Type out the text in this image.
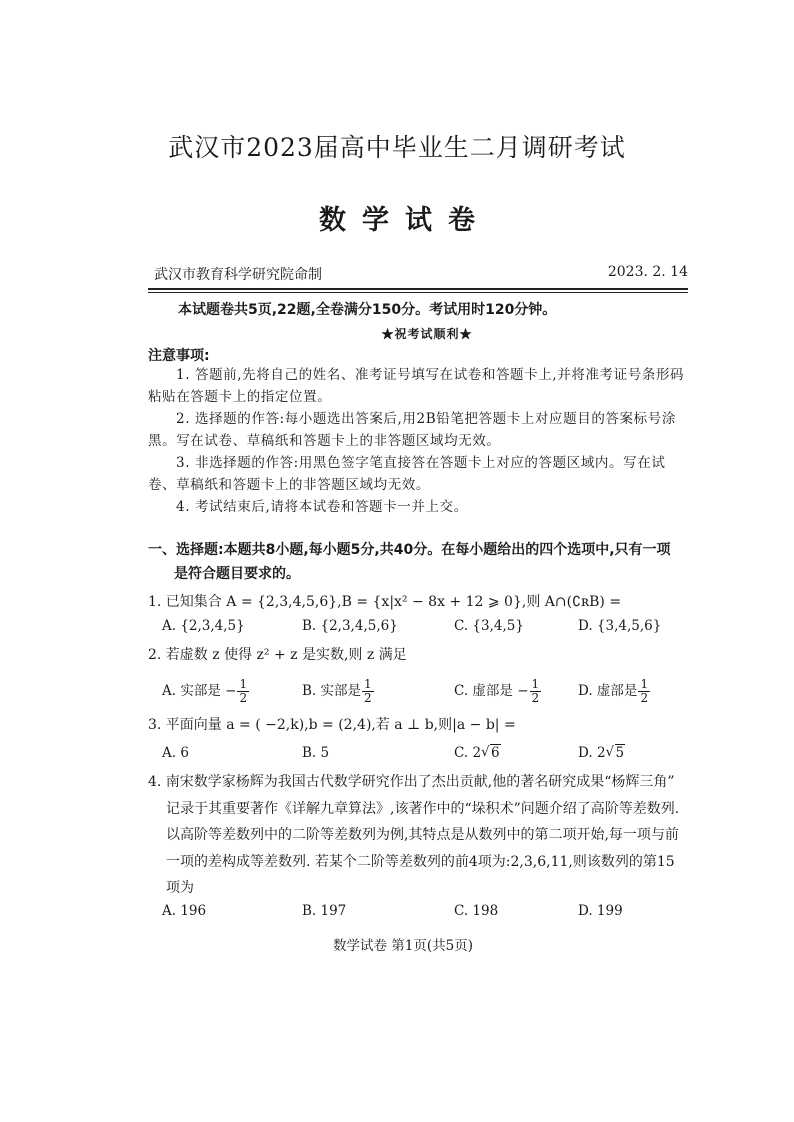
武汉市2023届高中毕业生二月调研考试
数学试卷
武汉市教育科学研究院命制	2023. 2. 14
本试题卷共5页,22题,全卷满分150分。考试用时120分钟。
★祝考试顺利★
注意事项:
1. 答题前,先将自己的姓名、准考证号填写在试卷和答题卡上,并将准考证号条形码粘贴在答题卡上的指定位置。
2. 选择题的作答:每小题选出答案后,用2B铅笔把答题卡上对应题目的答案标号涂黑。写在试卷、草稿纸和答题卡上的非答题区域均无效。
3. 非选择题的作答:用黑色签字笔直接答在答题卡上对应的答题区域内。写在试卷、草稿纸和答题卡上的非答题区域均无效。
4. 考试结束后,请将本试卷和答题卡一并上交。
一、选择题:本题共8小题,每小题5分,共40分。在每小题给出的四个选项中,只有一项
是符合题目要求的。
1. 已知集合 A = {2,3,4,5,6},B = {x|x² − 8x + 12 ⩾ 0},则 A∩(∁ʀB) =
A. {2,3,4,5}	B. {2,3,4,5,6}	C. {3,4,5}	D. {3,4,5,6}
2. 若虚数 z 使得 z² + z 是实数,则 z 满足
A. 实部是 − $\frac{1}{2}$	B. 实部是 $\frac{1}{2}$	C. 虚部是 − $\frac{1}{2}$	D. 虚部是 $\frac{1}{2}$
3. 平面向量 a = ( −2,k),b = (2,4),若 a ⊥ b,则|a − b| =
A. 6	B. 5	C. 2 √ 6	D. 2 √ 5
4. 南宋数学家杨辉为我国古代数学研究作出了杰出贡献,他的著名研究成果“杨辉三角”
记录于其重要著作《详解九章算法》,该著作中的“垛积术”问题介绍了高阶等差数列.
以高阶等差数列中的二阶等差数列为例,其特点是从数列中的第二项开始,每一项与前
一项的差构成等差数列. 若某个二阶等差数列的前4项为:2,3,6,11,则该数列的第15
项为
A. 196	B. 197	C. 198	D. 199
数学试卷 第1页(共5页)
